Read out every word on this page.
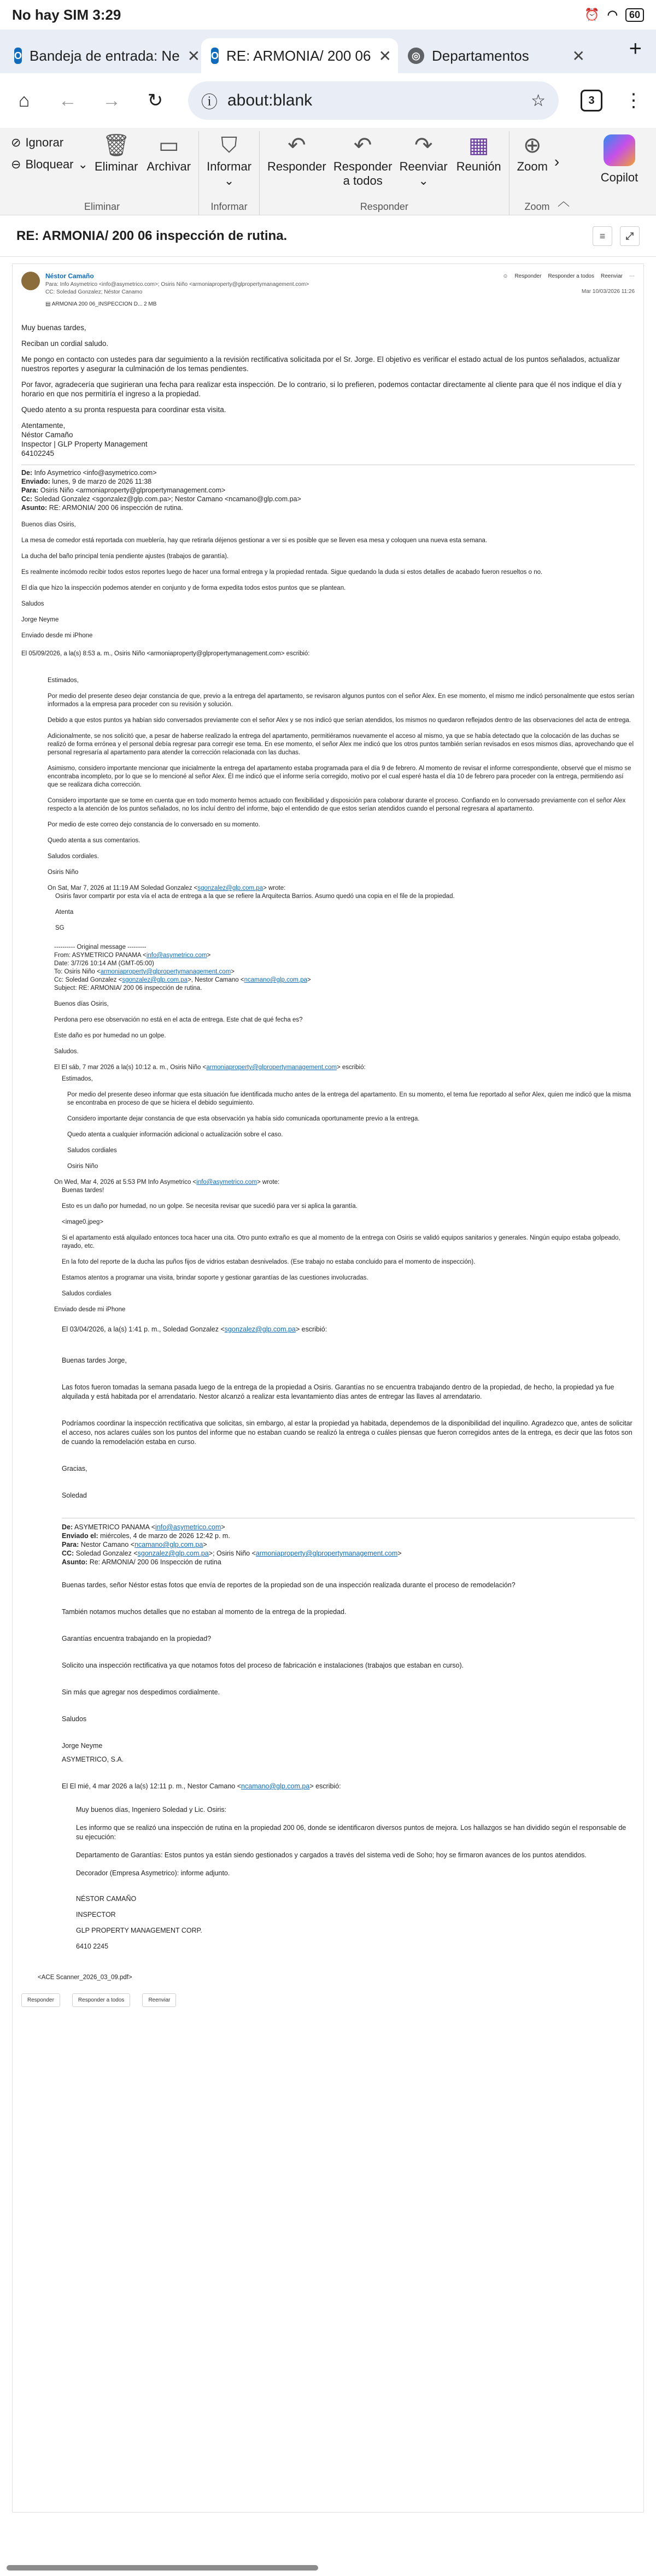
No hay SIM 3:29	⏰ ◠	60
O Bandeja de entrada: Ne ✕ O RE: ARMONIA/ 200 06 ✕	◎ Departamentos	✕	+
⌂ ← → ↻ ⓘ about:blank	☆	3	⋮
⊘ Ignorar
⊖ Bloquear ⌄
🗑
Eliminar
▭
Archivar
Eliminar
⛉
Informar
⌄
Informar
↶
Responder
↶
Responder a todos
↷
Reenviar
⌄
▦
Reunión
Responder
⊕
Zoom ›
Zoom ︿
Copilot
RE: ARMONIA/ 200 06 inspección de rutina.	≡	⤢
Néstor Camaño
Para: Info Asymetrico <info@asymetrico.com>; Osiris Niño <armoniaproperty@glpropertymanagement.com>
CC: Soledad Gonzalez; Néstor Canamo
☺ Responder Responder a todos Reenviar ⋯
Mar 10/03/2026 11:26
▤ ARMONIA 200 06_INSPECCION D... 2 MB

Muy buenas tardes,

Reciban un cordial saludo.

Me pongo en contacto con ustedes para dar seguimiento a la revisión rectificativa solicitada por el Sr. Jorge. El objetivo es verificar el estado actual de los puntos señalados, actualizar nuestros reportes y asegurar la culminación de los temas pendientes.

Por favor, agradecería que sugirieran una fecha para realizar esta inspección. De lo contrario, si lo prefieren, podemos contactar directamente al cliente para que él nos indique el día y horario en que nos permitiría el ingreso a la propiedad.

Quedo atento a su pronta respuesta para coordinar esta visita.

Atentamente,

Néstor Camaño

Inspector | GLP Property Management

64102245

De: Info Asymetrico <info@asymetrico.com>
Enviado: lunes, 9 de marzo de 2026 11:38
Para: Osiris Niño <armoniaproperty@glpropertymanagement.com>
Cc: Soledad Gonzalez <sgonzalez@glp.com.pa>; Nestor Camano <ncamano@glp.com.pa>
Asunto: RE: ARMONIA/ 200 06 inspección de rutina.

Buenos días Osiris,

La mesa de comedor está reportada con mueblería, hay que retirarla déjenos gestionar a ver si es posible que se lleven esa mesa y coloquen una nueva esta semana.

La ducha del baño principal tenía pendiente ajustes (trabajos de garantía).

Es realmente incómodo recibir todos estos reportes luego de hacer una formal entrega y la propiedad rentada. Sigue quedando la duda si estos detalles de acabado fueron resueltos o no.

El día que hizo la inspección podemos atender en conjunto y de forma expedita todos estos puntos que se plantean.

Saludos

Jorge Neyme

Enviado desde mi iPhone

El 05/09/2026, a la(s) 8:53 a. m., Osiris Niño <armoniaproperty@glpropertymanagement.com> escribió:

Estimados,

Por medio del presente deseo dejar constancia de que, previo a la entrega del apartamento, se revisaron algunos puntos con el señor Alex. En ese momento, el mismo me indicó personalmente que estos serían informados a la empresa para proceder con su revisión y solución.

Debido a que estos puntos ya habían sido conversados previamente con el señor Alex y se nos indicó que serían atendidos, los mismos no quedaron reflejados dentro de las observaciones del acta de entrega.

Adicionalmente, se nos solicitó que, a pesar de haberse realizado la entrega del apartamento, permitiéramos nuevamente el acceso al mismo, ya que se había detectado que la colocación de las duchas se realizó de forma errónea y el personal debía regresar para corregir ese tema. En ese momento, el señor Alex me indicó que los otros puntos también serían revisados en esos mismos días, aprovechando que el personal regresaría al apartamento para atender la corrección relacionada con las duchas.

Asimismo, considero importante mencionar que inicialmente la entrega del apartamento estaba programada para el día 9 de febrero. Al momento de revisar el informe correspondiente, observé que el mismo se encontraba incompleto, por lo que se lo mencioné al señor Alex. Él me indicó que el informe sería corregido, motivo por el cual esperé hasta el día 10 de febrero para proceder con la entrega, permitiendo así que se realizara dicha corrección.

Considero importante que se tome en cuenta que en todo momento hemos actuado con flexibilidad y disposición para colaborar durante el proceso. Confiando en lo conversado previamente con el señor Alex respecto a la atención de los puntos señalados, no los incluí dentro del informe, bajo el entendido de que estos serían atendidos cuando el personal regresara al apartamento.

Por medio de este correo dejo constancia de lo conversado en su momento.

Quedo atenta a sus comentarios.

Saludos cordiales.

Osiris Niño

On Sat, Mar 7, 2026 at 11:19 AM Soledad Gonzalez <sgonzalez@glp.com.pa> wrote:

Osiris favor compartir por esta vía el acta de entrega a la que se refiere la Arquitecta Barrios. Asumo quedó una copia en el file de la propiedad.

Atenta

SG

---------- Original message ---------
From: ASYMETRICO PANAMA <info@asymetrico.com>
Date: 3/7/26 10:14 AM (GMT-05:00)
To: Osiris Niño <armoniaproperty@glpropertymanagement.com>
Cc: Soledad Gonzalez <sgonzalez@glp.com.pa>, Nestor Camano <ncamano@glp.com.pa>
Subject: RE: ARMONIA/ 200 06 inspección de rutina.

Buenos días Osiris,

Perdona pero ese observación no está en el acta de entrega. Este chat de qué fecha es?

Este daño es por humedad no un golpe.

Saludos.

El El sáb, 7 mar 2026 a la(s) 10:12 a. m., Osiris Niño <armoniaproperty@glpropertymanagement.com> escribió:

Estimados,

Por medio del presente deseo informar que esta situación fue identificada mucho antes de la entrega del apartamento. En su momento, el tema fue reportado al señor Alex, quien me indicó que la misma se encontraba en proceso de que se hiciera el debido seguimiento.

Considero importante dejar constancia de que esta observación ya había sido comunicada oportunamente previo a la entrega.

Quedo atenta a cualquier información adicional o actualización sobre el caso.

Saludos cordiales

Osiris Niño

On Wed, Mar 4, 2026 at 5:53 PM Info Asymetrico <info@asymetrico.com> wrote:

Buenas tardes!

Esto es un daño por humedad, no un golpe. Se necesita revisar que sucedió para ver si aplica la garantía.

<image0.jpeg>

Si el apartamento está alquilado entonces toca hacer una cita. Otro punto extraño es que al momento de la entrega con Osiris se validó equipos sanitarios y generales. Ningún equipo estaba golpeado, rayado, etc.

En la foto del reporte de la ducha las puños fijos de vidrios estaban desnivelados. (Ese trabajo no estaba concluido para el momento de inspección).

Estamos atentos a programar una visita, brindar soporte y gestionar garantías de las cuestiones involucradas.

Saludos cordiales

Enviado desde mi iPhone

El 03/04/2026, a la(s) 1:41 p. m., Soledad Gonzalez <sgonzalez@glp.com.pa> escribió:

Buenas tardes Jorge,

Las fotos fueron tomadas la semana pasada luego de la entrega de la propiedad a Osiris. Garantías no se encuentra trabajando dentro de la propiedad, de hecho, la propiedad ya fue alquilada y está habitada por el arrendatario. Nestor alcanzó a realizar esta levantamiento días antes de entregar las llaves al arrendatario.

Podríamos coordinar la inspección rectificativa que solicitas, sin embargo, al estar la propiedad ya habitada, dependemos de la disponibilidad del inquilino. Agradezco que, antes de solicitar el acceso, nos aclares cuáles son los puntos del informe que no estaban cuando se realizó la entrega o cuáles piensas que fueron corregidos antes de la entrega, es decir que las fotos son de cuando la remodelación estaba en curso.

Gracias,

Soledad

De: ASYMETRICO PANAMA <info@asymetrico.com>
Enviado el: miércoles, 4 de marzo de 2026 12:42 p. m.
Para: Nestor Camano <ncamano@glp.com.pa>
CC: Soledad Gonzalez <sgonzalez@glp.com.pa>; Osiris Niño <armoniaproperty@glpropertymanagement.com>
Asunto: Re: ARMONIA/ 200 06 Inspección de rutina

Buenas tardes, señor Néstor estas fotos que envía de reportes de la propiedad son de una inspección realizada durante el proceso de remodelación?

También notamos muchos detalles que no estaban al momento de la entrega de la propiedad.

Garantías encuentra trabajando en la propiedad?

Solicito una inspección rectificativa ya que notamos fotos del proceso de fabricación e instalaciones (trabajos que estaban en curso).

Sin más que agregar nos despedimos cordialmente.

Saludos

Jorge Neyme

ASYMETRICO, S.A.

El El mié, 4 mar 2026 a la(s) 12:11 p. m., Nestor Camano <ncamano@glp.com.pa> escribió:

Muy buenos días, Ingeniero Soledad y Lic. Osiris:

Les informo que se realizó una inspección de rutina en la propiedad 200 06, donde se identificaron diversos puntos de mejora. Los hallazgos se han dividido según el responsable de su ejecución:

Departamento de Garantías: Estos puntos ya están siendo gestionados y cargados a través del sistema vedi de Soho; hoy se firmaron avances de los puntos atendidos.

Decorador (Empresa Asymetrico): informe adjunto.

NÉSTOR CAMAÑO

INSPECTOR

GLP PROPERTY MANAGEMENT CORP.

6410 2245

<ACE Scanner_2026_03_09.pdf>

Responder	Responder a todos	Reenviar
